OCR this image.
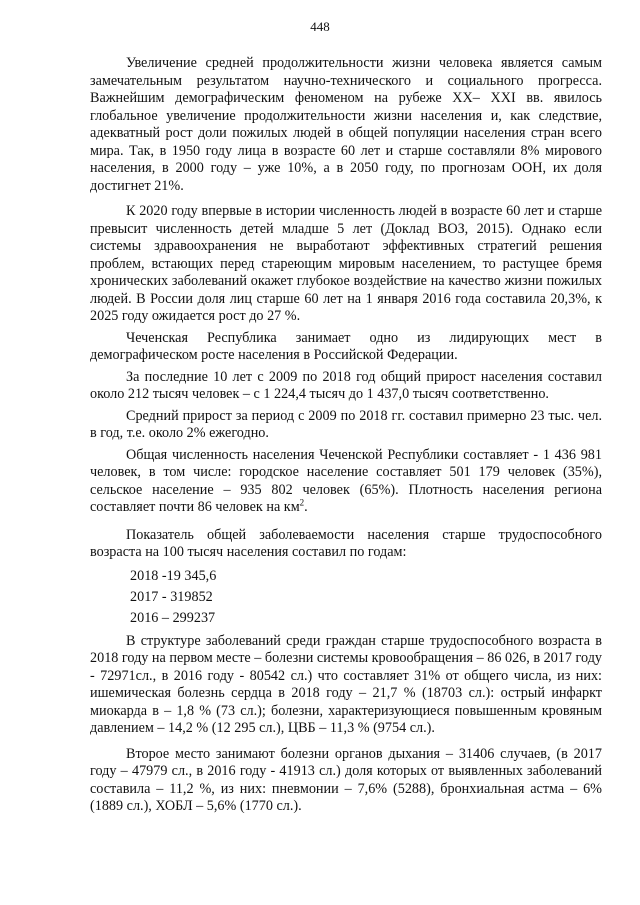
448

Увеличение средней продолжительности жизни человека является самым замечательным результатом научно-технического и социального прогресса. Важнейшим демографическим феноменом на рубеже XX– XXI вв. явилось глобальное увеличение продолжительности жизни населения и, как следствие, адекватный рост доли пожилых людей в общей популяции населения стран всего мира. Так, в 1950 году лица в возрасте 60 лет и старше составляли 8% мирового населения, в 2000 году – уже 10%, а в 2050 году, по прогнозам ООН, их доля достигнет 21%.

К 2020 году впервые в истории численность людей в возрасте 60 лет и старше превысит численность детей младше 5 лет (Доклад ВОЗ, 2015). Однако если системы здравоохранения не выработают эффективных стратегий решения проблем, встающих перед стареющим мировым населением, то растущее бремя хронических заболеваний окажет глубокое воздействие на качество жизни пожилых людей. В России доля лиц старше 60 лет на 1 января 2016 года составила 20,3%, к 2025 году ожидается рост до 27 %.

Чеченская Республика занимает одно из лидирующих мест в демографическом росте населения в Российской Федерации.

За последние 10 лет с 2009 по 2018 год общий прирост населения составил около 212 тысяч человек – с 1 224,4 тысяч до 1 437,0 тысяч соответственно.

Средний прирост за период с 2009 по 2018 гг. составил примерно 23 тыс. чел. в год, т.е. около 2% ежегодно.

Общая численность населения Чеченской Республики составляет - 1 436 981 человек, в том числе: городское население составляет 501 179 человек (35%), сельское население – 935 802 человек (65%). Плотность населения региона составляет почти 86 человек на $км^2$.

Показатель общей заболеваемости населения старше трудоспособного возраста на 100 тысяч населения составил по годам:

2018 -19 345,6
2017 - 319852
2016 – 299237

В структуре заболеваний среди граждан старше трудоспособного возраста в 2018 году на первом месте – болезни системы кровообращения – 86 026, в 2017 году - 72971сл., в 2016 году - 80542 сл.) что составляет 31% от общего числа, из них: ишемическая болезнь сердца в 2018 году – 21,7 % (18703 сл.): острый инфаркт миокарда в – 1,8 % (73 сл.); болезни, характеризующиеся повышенным кровяным давлением – 14,2 % (12 295 сл.), ЦВБ – 11,3 % (9754 сл.).

Второе место занимают болезни органов дыхания – 31406 случаев, (в 2017 году – 47979 сл., в 2016 году - 41913 сл.) доля которых от выявленных заболеваний составила – 11,2 %, из них: пневмонии – 7,6% (5288), бронхиальная астма – 6% (1889 сл.), ХОБЛ – 5,6% (1770 сл.).
